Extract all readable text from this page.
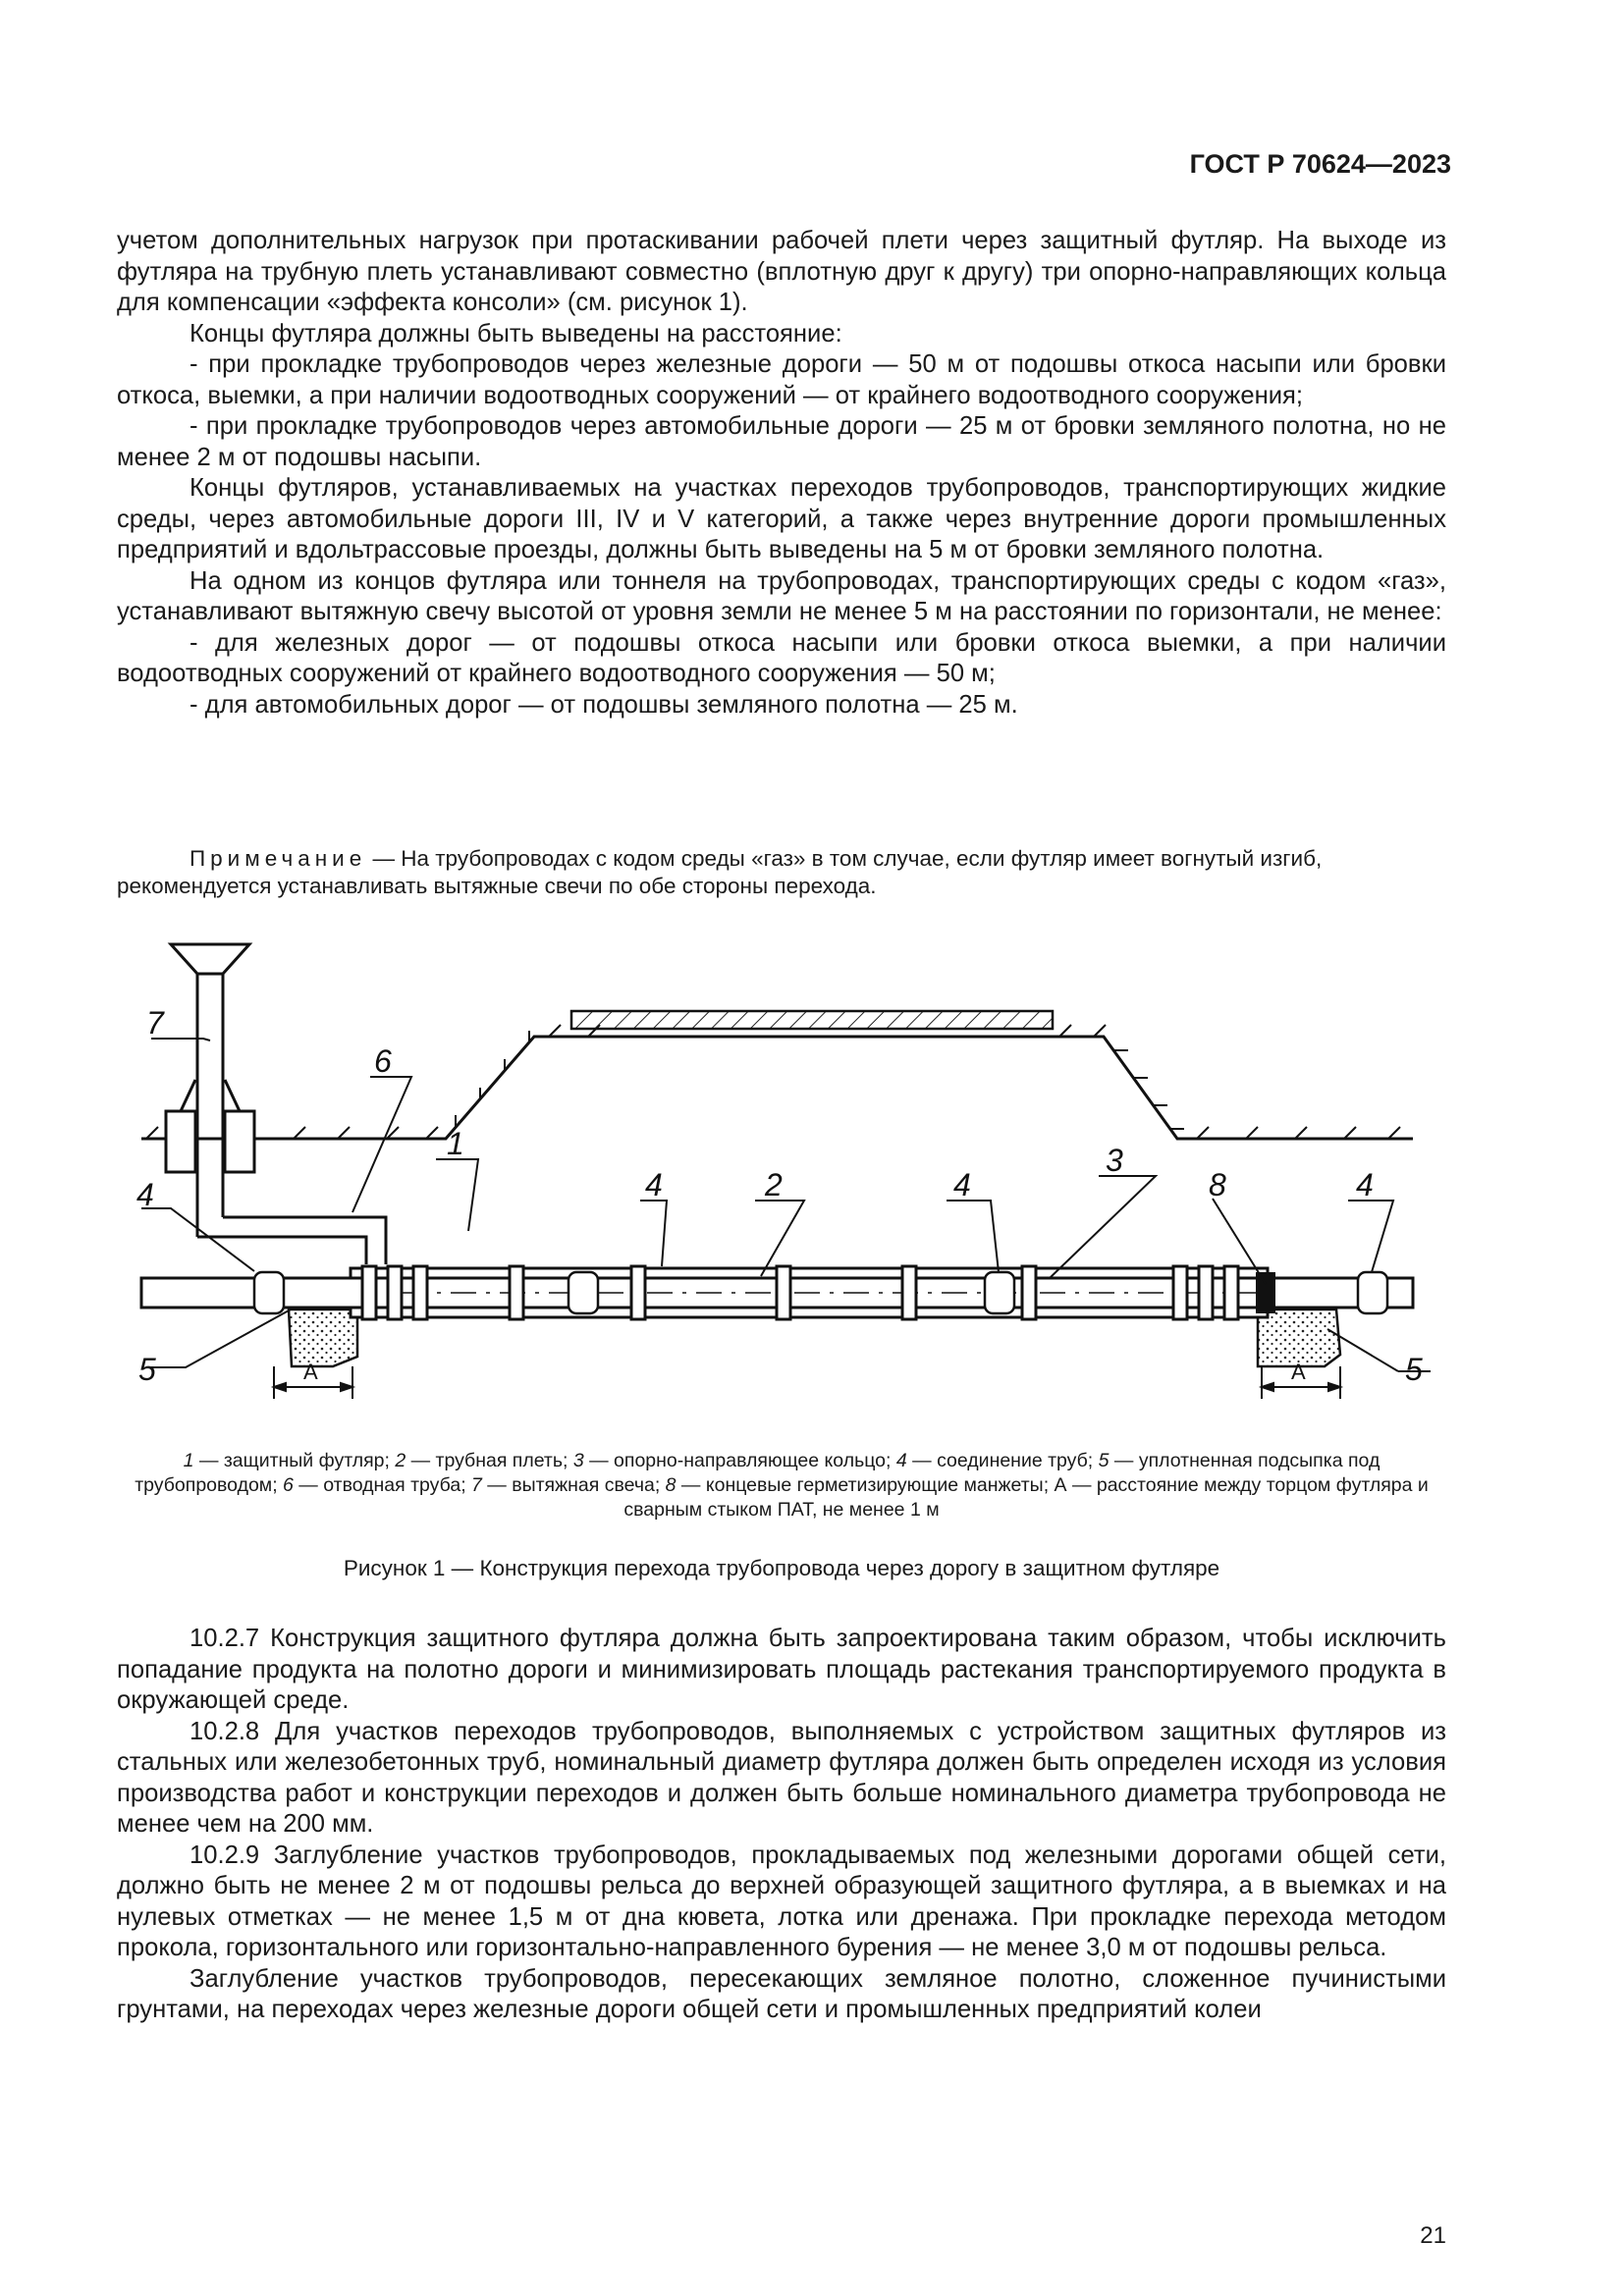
ГОСТ Р 70624—2023

учетом дополнительных нагрузок при протаскивании рабочей плети через защитный футляр. На выходе из футляра на трубную плеть устанавливают совместно (вплотную друг к другу) три опорно-направляющих кольца для компенсации «эффекта консоли» (см. рисунок 1).

Концы футляра должны быть выведены на расстояние:

- при прокладке трубопроводов через железные дороги — 50 м от подошвы откоса насыпи или бровки откоса, выемки, а при наличии водоотводных сооружений — от крайнего водоотводного сооружения;

- при прокладке трубопроводов через автомобильные дороги — 25 м от бровки земляного полотна, но не менее 2 м от подошвы насыпи.

Концы футляров, устанавливаемых на участках переходов трубопроводов, транспортирующих жидкие среды, через автомобильные дороги III, IV и V категорий, а также через внутренние дороги промышленных предприятий и вдольтрассовые проезды, должны быть выведены на 5 м от бровки земляного полотна.

На одном из концов футляра или тоннеля на трубопроводах, транспортирующих среды с кодом «газ», устанавливают вытяжную свечу высотой от уровня земли не менее 5 м на расстоянии по горизонтали, не менее:

- для железных дорог — от подошвы откоса насыпи или бровки откоса выемки, а при наличии водоотводных сооружений от крайнего водоотводного сооружения — 50 м;

- для автомобильных дорог — от подошвы земляного полотна — 25 м.

Примечание — На трубопроводах с кодом среды «газ» в том случае, если футляр имеет вогнутый изгиб, рекомендуется устанавливать вытяжные свечи по обе стороны перехода.
А	А
7
6
1
4	4	2	4
3
8	4
5	5
1 — защитный футляр; 2 — трубная плеть; 3 — опорно-направляющее кольцо; 4 — соединение труб; 5 — уплотненная подсыпка под трубопроводом; 6 — отводная труба; 7 — вытяжная свеча; 8 — концевые герметизирующие манжеты; А — расстояние между торцом футляра и сварным стыком ПАТ, не менее 1 м
Рисунок 1 — Конструкция перехода трубопровода через дорогу в защитном футляре

10.2.7 Конструкция защитного футляра должна быть запроектирована таким образом, чтобы исключить попадание продукта на полотно дороги и минимизировать площадь растекания транспортируемого продукта в окружающей среде.

10.2.8 Для участков переходов трубопроводов, выполняемых с устройством защитных футляров из стальных или железобетонных труб, номинальный диаметр футляра должен быть определен исходя из условия производства работ и конструкции переходов и должен быть больше номинального диаметра трубопровода не менее чем на 200 мм.

10.2.9 Заглубление участков трубопроводов, прокладываемых под железными дорогами общей сети, должно быть не менее 2 м от подошвы рельса до верхней образующей защитного футляра, а в выемках и на нулевых отметках — не менее 1,5 м от дна кювета, лотка или дренажа. При прокладке перехода методом прокола, горизонтального или горизонтально-направленного бурения — не менее 3,0 м от подошвы рельса.

Заглубление участков трубопроводов, пересекающих земляное полотно, сложенное пучинистыми грунтами, на переходах через железные дороги общей сети и промышленных предприятий колеи

21
